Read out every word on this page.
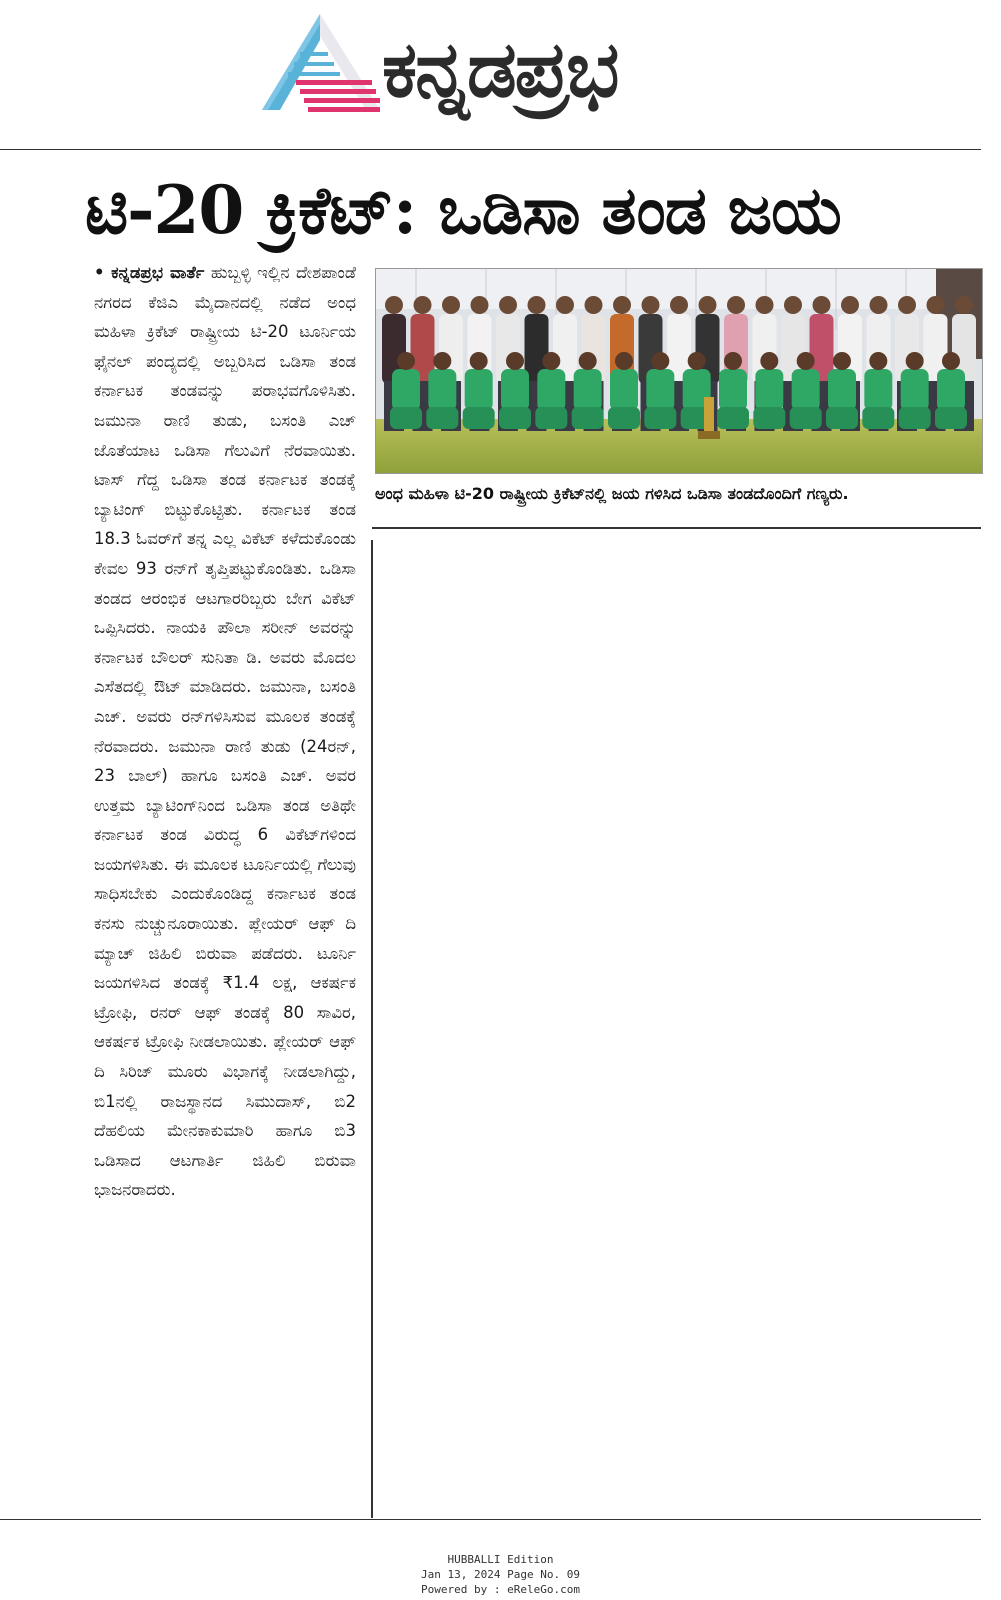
ಕನ್ನಡಪ್ರಭ
ಟಿ-20 ಕ್ರಿಕೆಟ್: ಒಡಿಸಾ ತಂಡ ಜಯ
• ಕನ್ನಡಪ್ರಭ ವಾರ್ತೆ ಹುಬ್ಬಳ್ಳಿ ಇಲ್ಲಿನ ದೇಶಪಾಂಡೆ ನಗರದ ಕೆಜಿಎ ಮೈದಾನದಲ್ಲಿ ನಡೆದ ಅಂಧ ಮಹಿಳಾ ಕ್ರಿಕೆಟ್ ರಾಷ್ಟ್ರೀಯ ಟಿ-20 ಟೂರ್ನಿಯ ಫೈನಲ್ ಪಂದ್ಯದಲ್ಲಿ ಅಬ್ಬರಿಸಿದ ಒಡಿಸಾ ತಂಡ ಕರ್ನಾಟಕ ತಂಡವನ್ನು ಪರಾಭವಗೊಳಿಸಿತು. ಜಮುನಾ ರಾಣಿ ತುಡು, ಬಸಂತಿ ಎಚ್ ಜೊತೆಯಾಟ ಒಡಿಸಾ ಗೆಲುವಿಗೆ ನೆರವಾಯಿತು. ಟಾಸ್ ಗೆದ್ದ ಒಡಿಸಾ ತಂಡ ಕರ್ನಾಟಕ ತಂಡಕ್ಕೆ ಬ್ಯಾಟಿಂಗ್ ಬಿಟ್ಟುಕೊಟ್ಟಿತು. ಕರ್ನಾಟಕ ತಂಡ 18.3 ಓವರ್‌ಗೆ ತನ್ನ ಎಲ್ಲ ವಿಕೆಟ್ ಕಳೆದುಕೊಂಡು ಕೇವಲ 93 ರನ್‌ಗೆ ತೃಪ್ತಿಪಟ್ಟುಕೊಂಡಿತು. ಒಡಿಸಾ ತಂಡದ ಆರಂಭಿಕ ಆಟಗಾರರಿಬ್ಬರು ಬೇಗ ವಿಕೆಟ್ ಒಪ್ಪಿಸಿದರು. ನಾಯಕಿ ಪೌಲಾ ಸರೀನ್ ಅವರನ್ನು ಕರ್ನಾಟಕ ಬೌಲರ್ ಸುನಿತಾ ಡಿ. ಅವರು ಮೊದಲ ಎಸೆತದಲ್ಲಿ ಔಟ್ ಮಾಡಿದರು. ಜಮುನಾ, ಬಸಂತಿ ಎಚ್. ಅವರು ರನ್‌ಗಳಿಸಿಸುವ ಮೂಲಕ ತಂಡಕ್ಕೆ ನೆರವಾದರು. ಜಮುನಾ ರಾಣಿ ತುಡು (24ರನ್, 23 ಬಾಲ್) ಹಾಗೂ ಬಸಂತಿ ಎಚ್. ಅವರ ಉತ್ತಮ ಬ್ಯಾಟಿಂಗ್‌ನಿಂದ ಒಡಿಸಾ ತಂಡ ಅತಿಥೇ ಕರ್ನಾಟಕ ತಂಡ ವಿರುದ್ಧ 6 ವಿಕೆಟ್‌ಗಳಿಂದ ಜಯಗಳಿಸಿತು. ಈ ಮೂಲಕ ಟೂರ್ನಿಯಲ್ಲಿ ಗೆಲುವು ಸಾಧಿಸಬೇಕು ಎಂದುಕೊಂಡಿದ್ದ ಕರ್ನಾಟಕ ತಂಡ ಕನಸು ನುಚ್ಚುನೂರಾಯಿತು. ಪ್ಲೇಯರ್ ಆಫ್ ದಿ ಮ್ಯಾಚ್ ಜಿಹಿಲಿ ಬಿರುವಾ ಪಡೆದರು. ಟೂರ್ನಿ ಜಯಗಳಿಸಿದ ತಂಡಕ್ಕೆ ₹1.4 ಲಕ್ಷ, ಆಕರ್ಷಕ ಟ್ರೋಫಿ, ರನರ್ ಆಫ್ ತಂಡಕ್ಕೆ 80 ಸಾವಿರ, ಆಕರ್ಷಕ ಟ್ರೋಫಿ ನೀಡಲಾಯಿತು. ಪ್ಲೇಯರ್ ಆಫ್ ದಿ ಸಿರಿಜ್ ಮೂರು ವಿಭಾಗಕ್ಕೆ ನೀಡಲಾಗಿದ್ದು, ಬಿ1ನಲ್ಲಿ ರಾಜಸ್ಥಾನದ ಸಿಮುದಾಸ್, ಬಿ2 ದೆಹಲಿಯ ಮೇನಕಾಕುಮಾರಿ ಹಾಗೂ ಬಿ3 ಒಡಿಸಾದ ಆಟಗಾರ್ತಿ ಜಿಹಿಲಿ ಬಿರುವಾ ಭಾಜನರಾದರು.
ಅಂಧ ಮಹಿಳಾ ಟಿ-20 ರಾಷ್ಟ್ರೀಯ ಕ್ರಿಕೆಟ್‌ನಲ್ಲಿ ಜಯ ಗಳಿಸಿದ ಒಡಿಸಾ ತಂಡದೊಂದಿಗೆ ಗಣ್ಯರು.
HUBBALLI Edition
Jan 13, 2024 Page No. 09
Powered by : eReleGo.com
